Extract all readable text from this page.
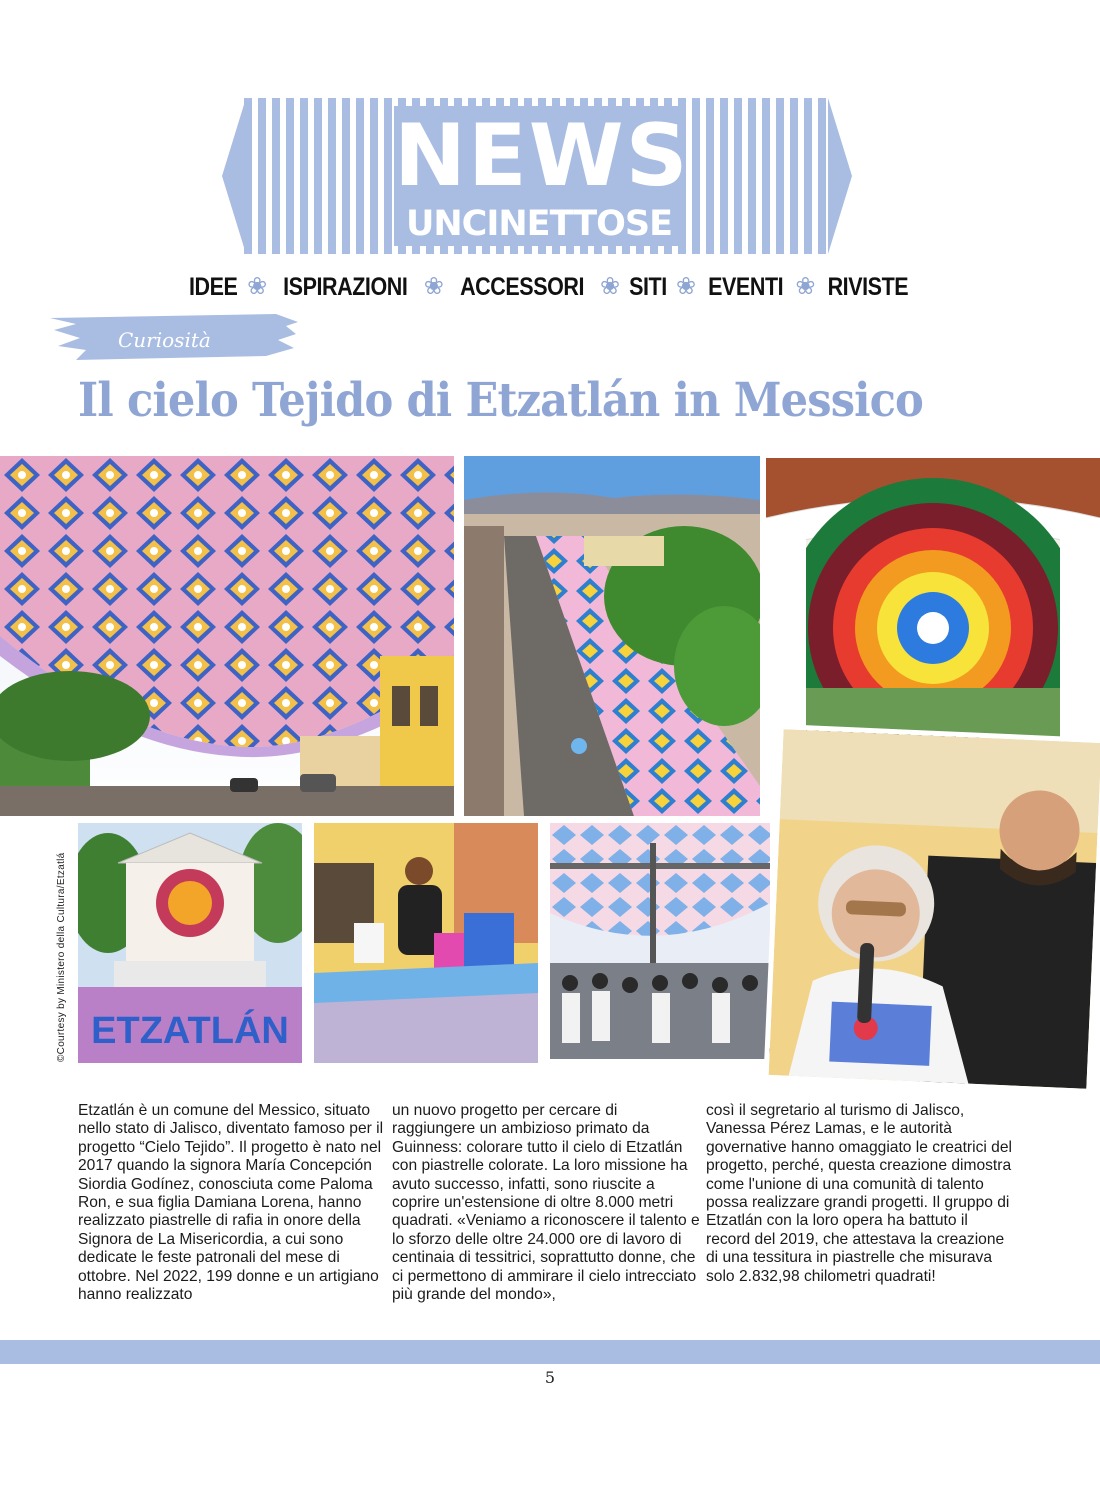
NEWS
UNCINETTOSE
IDEE ❀ ISPIRAZIONI ❀ ACCESSORI ❀ SITI ❀ EVENTI ❀ RIVISTE
Curiosità
Il cielo Tejido di Etzatlán in Messico
ETZATLÁN
©Courtesy by Ministero della Cultura/Etzatlá
Etzatlán è un comune del Messico, situato nello stato di Jalisco, diventato famoso per il progetto “Cielo Tejido”. Il progetto è nato nel 2017 quando la signora María Concepción Siordia Godínez, conosciuta come Paloma Ron, e sua figlia Damiana Lorena, hanno realizzato piastrelle di rafia in onore della Signora de La Misericordia, a cui sono dedicate le feste patronali del mese di ottobre. Nel 2022, 199 donne e un artigiano hanno realizzato
un nuovo progetto per cercare di raggiungere un ambizioso primato da Guinness: colorare tutto il cielo di Etzatlán con piastrelle colorate. La loro missione ha avuto successo, infatti, sono riuscite a coprire un'estensione di oltre 8.000 metri quadrati. «Veniamo a riconoscere il talento e lo sforzo delle oltre 24.000 ore di lavoro di centinaia di tessitrici, soprattutto donne, che ci permettono di ammirare il cielo intrecciato più grande del mondo»,
così il segretario al turismo di Jalisco, Vanessa Pérez Lamas, e le autorità governative hanno omaggiato le creatrici del progetto, perché, questa creazione dimostra come l'unione di una comunità di talento possa realizzare grandi progetti. Il gruppo di Etzatlán con la loro opera ha battuto il record del 2019, che attestava la creazione di una tessitura in piastrelle che misurava solo 2.832,98 chilometri quadrati!
5
